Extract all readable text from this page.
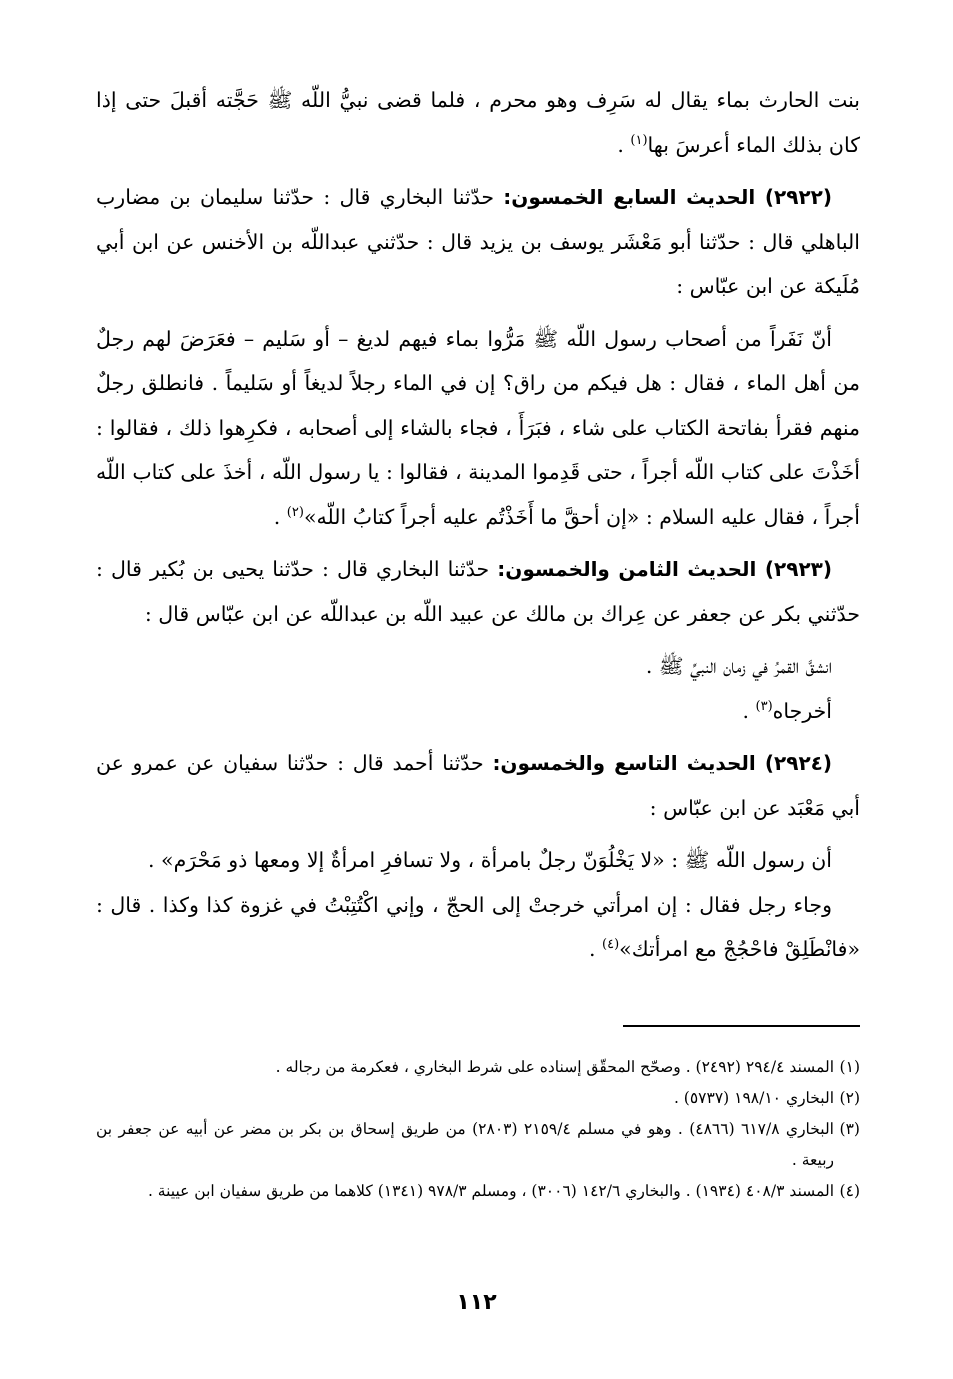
بنت الحارث بماء يقال له سَرِف وهو محرم ، فلما قضى نبيُّ اللّه ﷺ حَجَّته أقبلَ حتى إذا كان بذلك الماء أعرسَ بها$^{(١)}$ .

(٢٩٢٢) الحديث السابع الخمسون: حدّثنا البخاري قال : حدّثنا سليمان بن مضارب الباهلي قال : حدّثنا أبو مَعْشَر يوسف بن يزيد قال : حدّثني عبداللّه بن الأخنس عن ابن أبي مُلَيكة عن ابن عبّاس :

أنّ نَفَراً من أصحاب رسول اللّه ﷺ مَرُّوا بماء فيهم لديغ – أو سَليم – فعَرَضَ لهم رجلٌ من أهل الماء ، فقال : هل فيكم من راق؟ إن في الماء رجلاً لديغاً أو سَليماً . فانطلق رجلٌ منهم فقرأ بفاتحة الكتاب على شاء ، فبَرَأَ ، فجاء بالشاء إلى أصحابه ، فكرِهوا ذلك ، فقالوا : أخَذْتَ على كتاب اللّه أجراً ، حتى قَدِموا المدينة ، فقالوا : يا رسول اللّه ، أخذَ على كتاب اللّه أجراً ، فقال عليه السلام : «إن أحقَّ ما أَخَذْتُم عليه أجراً كتابُ اللّه»$^{(٢)}$ .

(٢٩٢٣) الحديث الثامن والخمسون: حدّثنا البخاري قال : حدّثنا يحيى بن بُكير قال : حدّثني بكر عن جعفر عن عِراك بن مالك عن عبيد اللّه بن عبداللّه عن ابن عبّاس قال :

انشقَّ القمرُ في زمان النبيِّ ﷺ .

أخرجاه$^{(٣)}$ .

(٢٩٢٤) الحديث التاسع والخمسون: حدّثنا أحمد قال : حدّثنا سفيان عن عمرو عن أبي مَعْبَد عن ابن عبّاس :

أن رسول اللّه ﷺ : «لا يَخْلُوَنّ رجلٌ بامرأة ، ولا تسافرِ امرأةٌ إلا ومعها ذو مَحْرَم» .

وجاء رجل فقال : إن امرأتي خرجتْ إلى الحجّ ، وإني اكْتُتِبْتُ في غزوة كذا وكذا . قال : «فانْطَلِقْ فاحْجُجْ مع امرأتك»$^{(٤)}$ .

(١)المسند ٢٩٤/٤ (٢٤٩٢) . وصحّح المحقّق إسناده على شرط البخاري ، فعكرمة من رجاله .

(٢)البخاري ١٩٨/١٠ (٥٧٣٧) .

(٣)البخاري ٦١٧/٨ (٤٨٦٦) . وهو في مسلم ٢١٥٩/٤ (٢٨٠٣) من طريق إسحاق بن بكر بن مضر عن أبيه عن جعفر بن ربيعة .

(٤)المسند ٤٠٨/٣ (١٩٣٤) . والبخاري ١٤٢/٦ (٣٠٠٦) ، ومسلم ٩٧٨/٣ (١٣٤١) كلاهما من طريق سفيان ابن عيينة .

١١٢
